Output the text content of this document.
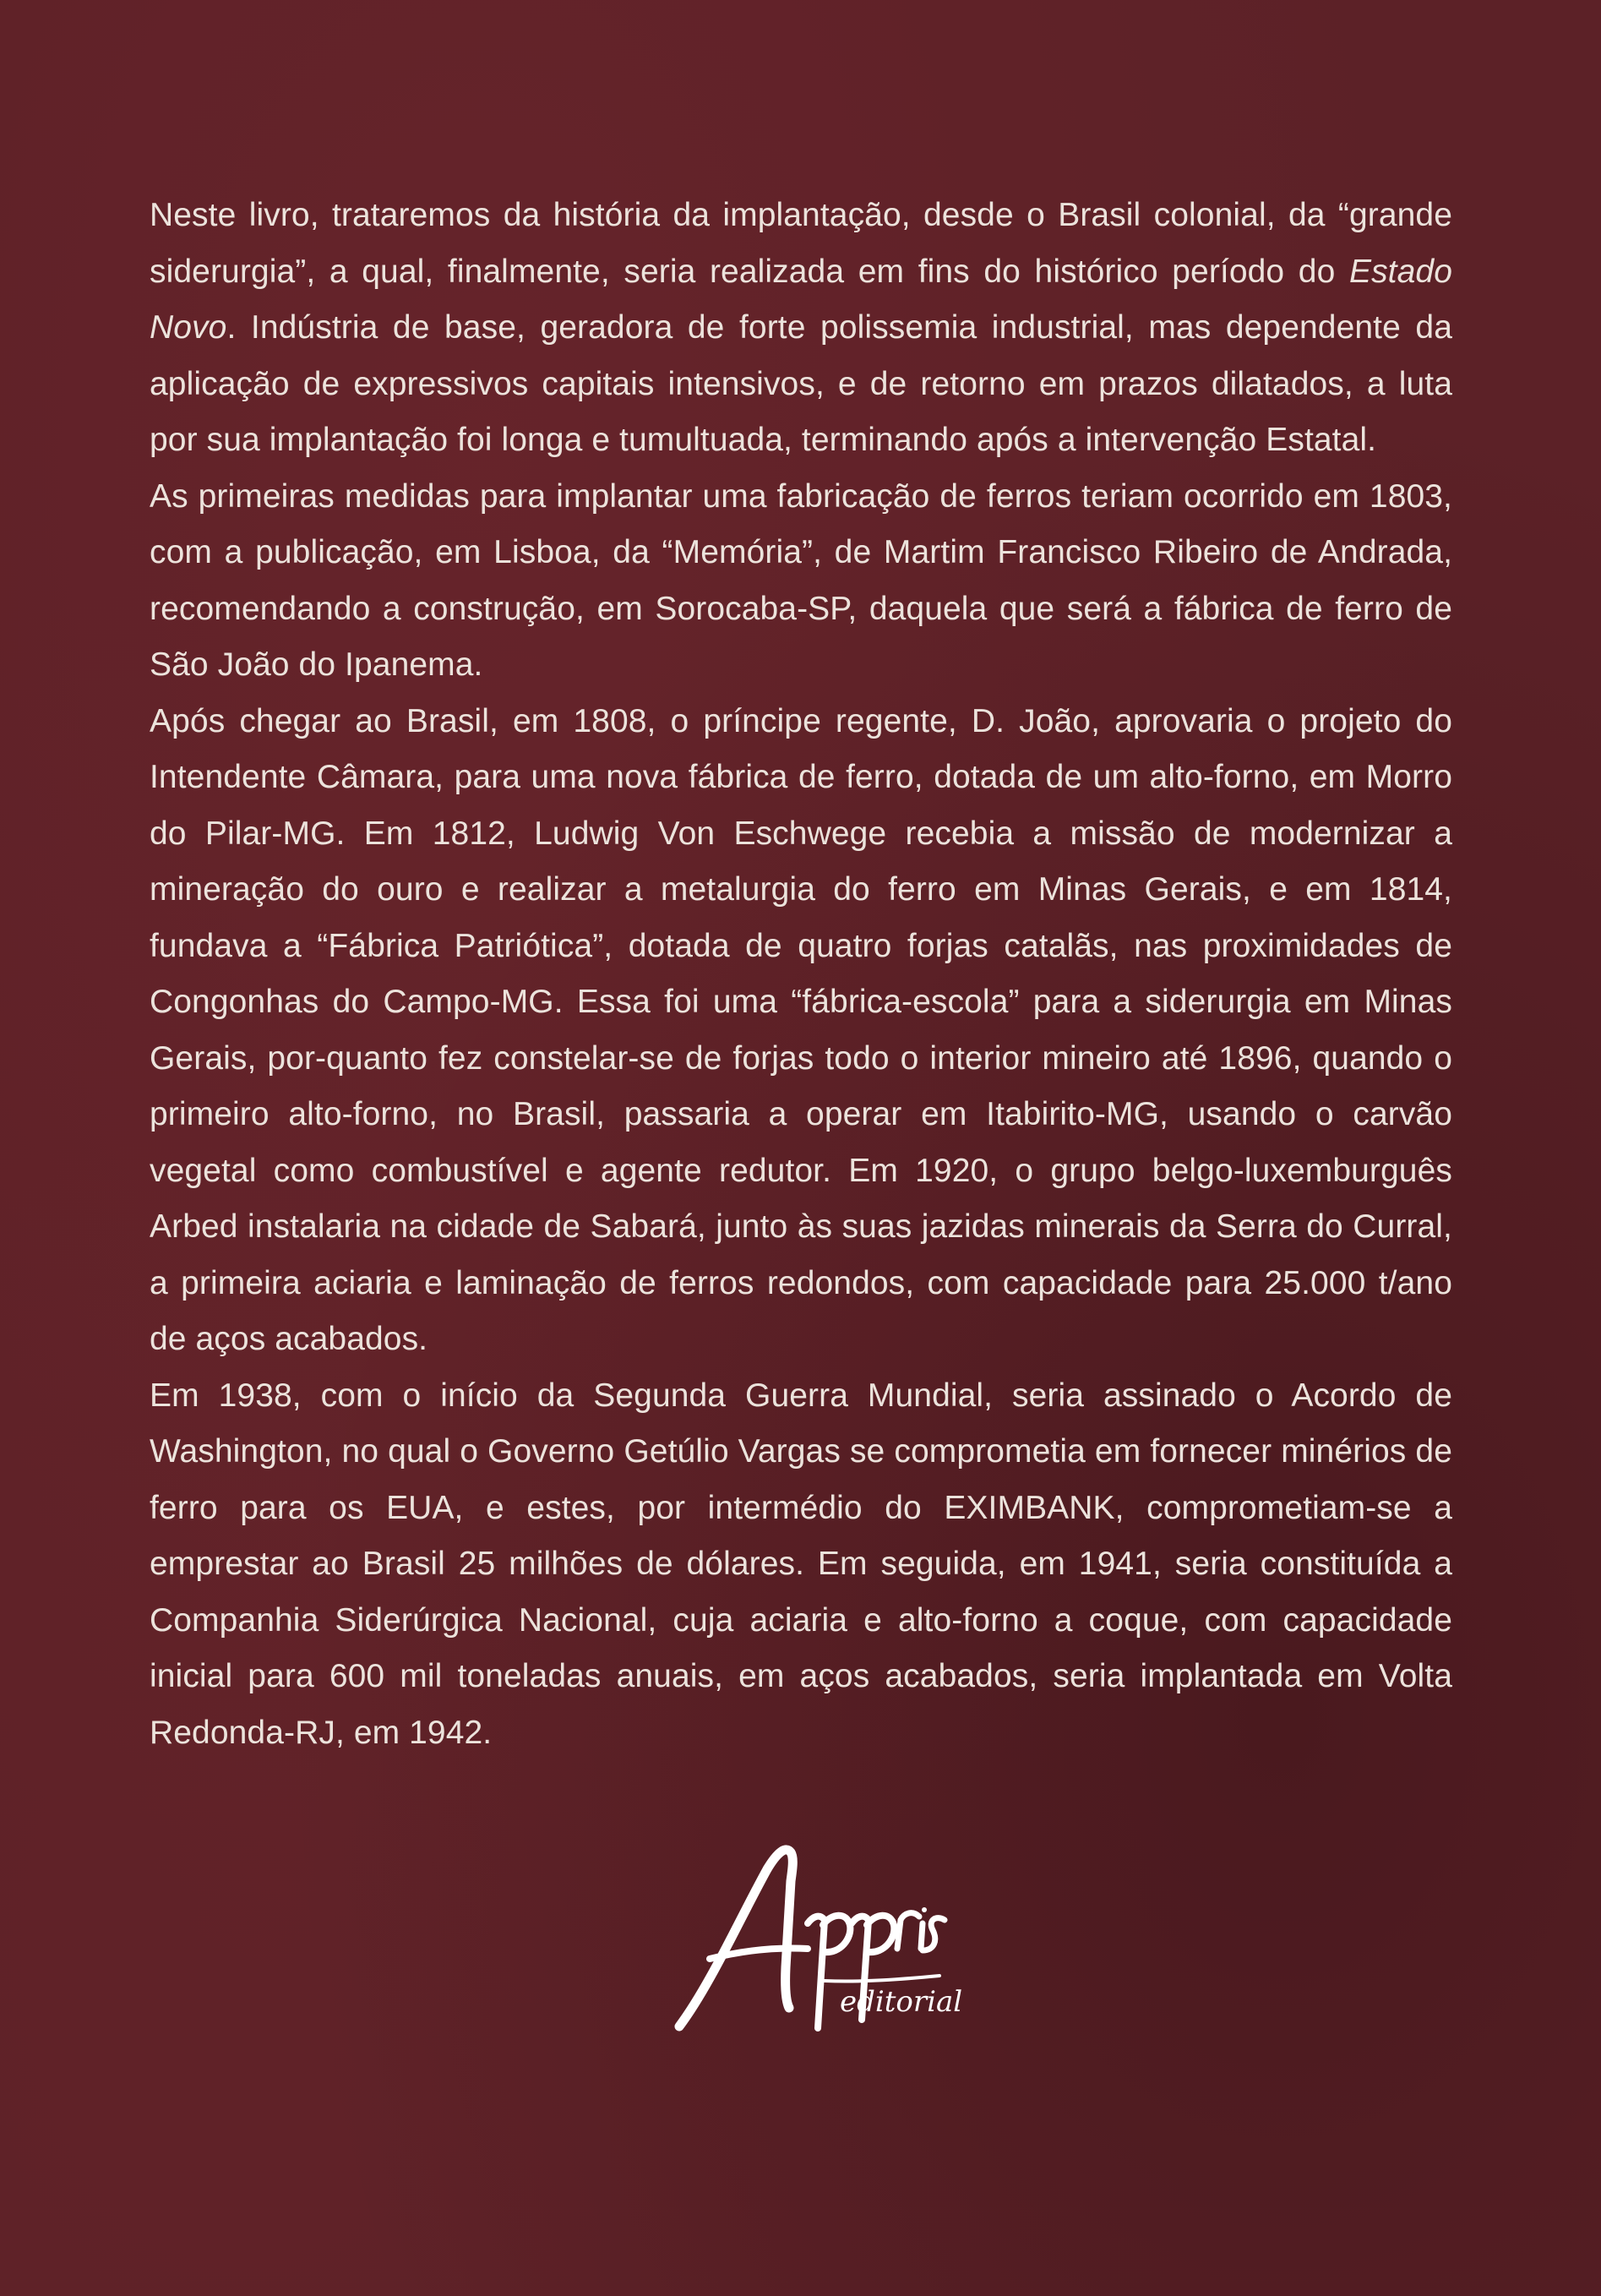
Neste livro, trataremos da história da implantação, desde o Brasil colonial, da “grande siderurgia”, a qual, finalmente, seria realizada em fins do histórico período do Estado Novo. Indústria de base, geradora de forte polissemia industrial, mas dependente da aplicação de expressivos capitais intensivos, e de retorno em prazos dilatados, a luta por sua implantação foi longa e tumultuada, terminando após a intervenção Estatal.

As primeiras medidas para implantar uma fabricação de ferros teriam ocorrido em 1803, com a publicação, em Lisboa, da “Memória”, de Martim Francisco Ribeiro de Andrada, recomendando a construção, em Sorocaba-SP, daquela que será a fábrica de ferro de São João do Ipanema.

Após chegar ao Brasil, em 1808, o príncipe regente, D. João, aprovaria o projeto do Intendente Câmara, para uma nova fábrica de ferro, dotada de um alto-forno, em Morro do Pilar-MG. Em 1812, Ludwig Von Eschwege recebia a missão de modernizar a mineração do ouro e realizar a metalurgia do ferro em Minas Gerais, e em 1814, fundava a “Fábrica Patriótica”, dotada de quatro forjas catalãs, nas proximidades de Congonhas do Campo-MG. Essa foi uma “fábrica-escola” para a siderurgia em Minas Gerais, por-quanto fez constelar-se de forjas todo o interior mineiro até 1896, quando o primeiro alto-forno, no Brasil, passaria a operar em Itabirito-MG, usando o carvão vegetal como combustível e agente redutor. Em 1920, o grupo belgo-luxemburguês Arbed instalaria na cidade de Sabará, junto às suas jazidas minerais da Serra do Curral, a primeira aciaria e laminação de ferros redondos, com capacidade para 25.000 t/ano de aços acabados.

Em 1938, com o início da Segunda Guerra Mundial, seria assinado o Acordo de Washington, no qual o Governo Getúlio Vargas se comprometia em fornecer minérios de ferro para os EUA, e estes, por intermédio do EXIMBANK, comprometiam-se a emprestar ao Brasil 25 milhões de dólares. Em seguida, em 1941, seria constituída a Companhia Siderúrgica Nacional, cuja aciaria e alto-forno a coque, com capacidade inicial para 600 mil toneladas anuais, em aços acabados, seria implantada em Volta Redonda-RJ, em 1942.

editorial
